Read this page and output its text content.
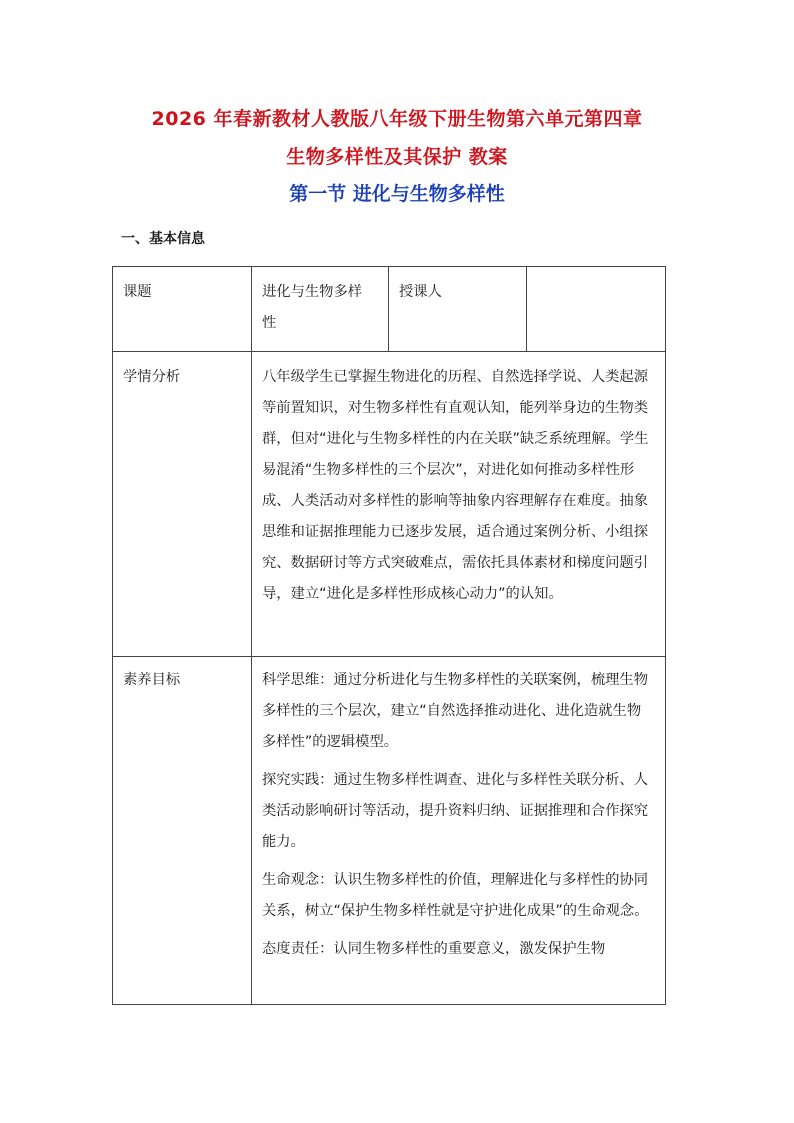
2026 年春新教材人教版八年级下册生物第六单元第四章
生物多样性及其保护 教案
第一节 进化与生物多样性
一、基本信息
课题	进化与生物多样性	授课人	
学情分析	八年级学生已掌握生物进化的历程、自然选择学说、人类起源等前置知识，对生物多样性有直观认知，能列举身边的生物类群，但对“进化与生物多样性的内在关联”缺乏系统理解。学生易混淆“生物多样性的三个层次”，对进化如何推动多样性形成、人类活动对多样性的影响等抽象内容理解存在难度。抽象思维和证据推理能力已逐步发展，适合通过案例分析、小组探究、数据研讨等方式突破难点，需依托具体素材和梯度问题引导，建立“进化是多样性形成核心动力”的认知。		
素养目标	科学思维：通过分析进化与生物多样性的关联案例，梳理生物多样性的三个层次，建立“自然选择推动进化、进化造就生物多样性”的逻辑模型。

探究实践：通过生物多样性调查、进化与多样性关联分析、人类活动影响研讨等活动，提升资料归纳、证据推理和合作探究能力。

生命观念：认识生物多样性的价值，理解进化与多样性的协同关系，树立“保护生物多样性就是守护进化成果”的生命观念。

态度责任：认同生物多样性的重要意义，激发保护生物		
